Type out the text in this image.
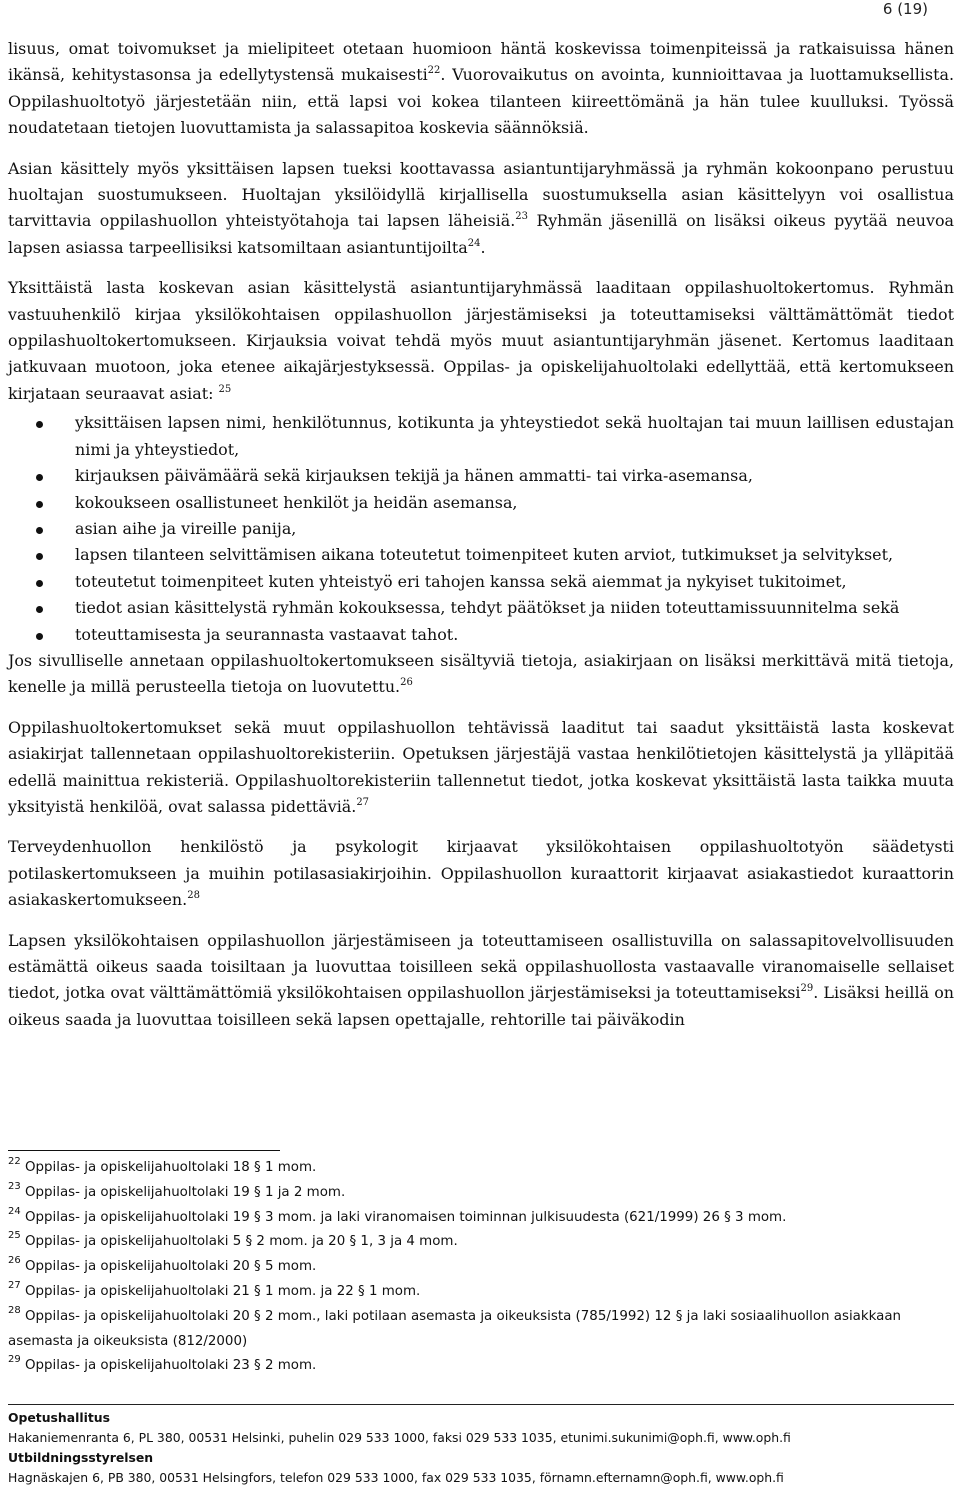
6 (19)

lisuus, omat toivomukset ja mielipiteet otetaan huomioon häntä koskevissa toimenpiteissä ja ratkaisuissa hänen ikänsä, kehitystasonsa ja edellytystensä mukaisesti$^{22}$. Vuorovaikutus on avointa, kunnioittavaa ja luottamuksellista. Oppilashuoltotyö järjestetään niin, että lapsi voi kokea tilanteen kiireettömänä ja hän tulee kuulluksi. Työssä noudatetaan tietojen luovuttamista ja salassapitoa koskevia säännöksiä.

Asian käsittely myös yksittäisen lapsen tueksi koottavassa asiantuntijaryhmässä ja ryhmän kokoonpano perustuu huoltajan suostumukseen. Huoltajan yksilöidyllä kirjallisella suostumuksella asian käsittelyyn voi osallistua tarvittavia oppilashuollon yhteistyötahoja tai lapsen läheisiä.$^{23}$ Ryhmän jäsenillä on lisäksi oikeus pyytää neuvoa lapsen asiassa tarpeellisiksi katsomiltaan asiantuntijoilta$^{24}$.

Yksittäistä lasta koskevan asian käsittelystä asiantuntijaryhmässä laaditaan oppilashuoltokertomus. Ryhmän vastuuhenkilö kirjaa yksilökohtaisen oppilashuollon järjestämiseksi ja toteuttamiseksi välttämättömät tiedot oppilashuoltokertomukseen. Kirjauksia voivat tehdä myös muut asiantuntijaryhmän jäsenet. Kertomus laaditaan jatkuvaan muotoon, joka etenee aikajärjestyksessä. Oppilas- ja opiskelijahuoltolaki edellyttää, että kertomukseen kirjataan seuraavat asiat: $^{25}$

yksittäisen lapsen nimi, henkilötunnus, kotikunta ja yhteystiedot sekä huoltajan tai muun laillisen edustajan nimi ja yhteystiedot,
kirjauksen päivämäärä sekä kirjauksen tekijä ja hänen ammatti- tai virka-asemansa,
kokoukseen osallistuneet henkilöt ja heidän asemansa,
asian aihe ja vireille panija,
lapsen tilanteen selvittämisen aikana toteutetut toimenpiteet kuten arviot, tutkimukset ja selvitykset,
toteutetut toimenpiteet kuten yhteistyö eri tahojen kanssa sekä aiemmat ja nykyiset tukitoimet,
tiedot asian käsittelystä ryhmän kokouksessa, tehdyt päätökset ja niiden toteuttamissuunnitelma sekä
toteuttamisesta ja seurannasta vastaavat tahot.

Jos sivulliselle annetaan oppilashuoltokertomukseen sisältyviä tietoja, asiakirjaan on lisäksi merkittävä mitä tietoja, kenelle ja millä perusteella tietoja on luovutettu.$^{26}$

Oppilashuoltokertomukset sekä muut oppilashuollon tehtävissä laaditut tai saadut yksittäistä lasta koskevat asiakirjat tallennetaan oppilashuoltorekisteriin. Opetuksen järjestäjä vastaa henkilötietojen käsittelystä ja ylläpitää edellä mainittua rekisteriä. Oppilashuoltorekisteriin tallennetut tiedot, jotka koskevat yksittäistä lasta taikka muuta yksityistä henkilöä, ovat salassa pidettäviä.$^{27}$

Terveydenhuollon henkilöstö ja psykologit kirjaavat yksilökohtaisen oppilashuoltotyön säädetysti potilaskertomukseen ja muihin potilasasiakirjoihin. Oppilashuollon kuraattorit kirjaavat asiakastiedot kuraattorin asiakaskertomukseen.$^{28}$

Lapsen yksilökohtaisen oppilashuollon järjestämiseen ja toteuttamiseen osallistuvilla on salassapitovelvollisuuden estämättä oikeus saada toisiltaan ja luovuttaa toisilleen sekä oppilashuollosta vastaavalle viranomaiselle sellaiset tiedot, jotka ovat välttämättömiä yksilökohtaisen oppilashuollon järjestämiseksi ja toteuttamiseksi$^{29}$. Lisäksi heillä on oikeus saada ja luovuttaa toisilleen sekä lapsen opettajalle, rehtorille tai päiväkodin

$^{22}$ Oppilas- ja opiskelijahuoltolaki 18 § 1 mom.
$^{23}$ Oppilas- ja opiskelijahuoltolaki 19 § 1 ja 2 mom.
$^{24}$ Oppilas- ja opiskelijahuoltolaki 19 § 3 mom. ja laki viranomaisen toiminnan julkisuudesta (621/1999) 26 § 3 mom.
$^{25}$ Oppilas- ja opiskelijahuoltolaki 5 § 2 mom. ja 20 § 1, 3 ja 4 mom.
$^{26}$ Oppilas- ja opiskelijahuoltolaki 20 § 5 mom.
$^{27}$ Oppilas- ja opiskelijahuoltolaki 21 § 1 mom. ja 22 § 1 mom.
$^{28}$ Oppilas- ja opiskelijahuoltolaki 20 § 2 mom., laki potilaan asemasta ja oikeuksista (785/1992) 12 § ja laki sosiaalihuollon asiakkaan asemasta ja oikeuksista (812/2000)
$^{29}$ Oppilas- ja opiskelijahuoltolaki 23 § 2 mom.
Opetushallitus
Hakaniemenranta 6, PL 380, 00531 Helsinki, puhelin 029 533 1000, faksi 029 533 1035, etunimi.sukunimi@oph.fi, www.oph.fi
Utbildningsstyrelsen
Hagnäskajen 6, PB 380, 00531 Helsingfors, telefon 029 533 1000, fax 029 533 1035, förnamn.efternamn@oph.fi, www.oph.fi
